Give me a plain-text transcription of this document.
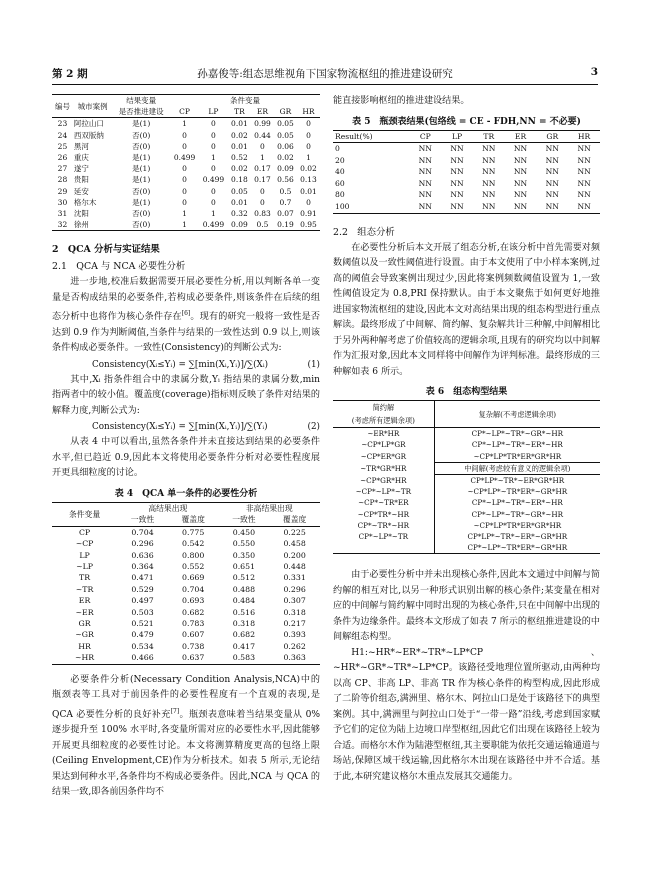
第 2 期	孙嘉俊等:组态思维视角下国家物流枢纽的推进建设研究	3
编号	城市案例	结果变量	条件变量					
		是否推进建设	CP	LP	TR	ER	GR	HR
23	阿拉山口	是(1)	1	0	0.01	0.99	0.05	0
24	西双版纳	否(0)	0	0	0.02	0.44	0.05	0
25	黑河	否(0)	0	0	0.01	0	0.06	0
26	重庆	是(1)	0.499	1	0.52	1	0.02	1
27	遂宁	是(1)	0	0	0.02	0.17	0.09	0.02
28	贵阳	是(1)	0	0.499	0.18	0.17	0.56	0.13
29	延安	否(0)	0	0	0.05	0	0.5	0.01
30	格尔木	是(1)	0	0	0.01	0	0.7	0
31	沈阳	否(0)	1	1	0.32	0.83	0.07	0.91
32	徐州	否(0)	1	0.499	0.09	0.5	0.19	0.95

2　QCA 分析与实证结果

2.1　QCA 与 NCA 必要性分析

进一步地,校准后数据需要开展必要性分析,用以判断各单一变量是否构成结果的必要条件,若构成必要条件,则该条件在后续的组态分析中也将作为核心条件存在[6]。现有的研究一般将一致性是否达到 0.9 作为判断阈值,当条件与结果的一致性达到 0.9 以上,则该条件构成必要条件。一致性(Consistency)的判断公式为:

Consistency(Xᵢ≤Yᵢ) = ∑[min(Xᵢ,Yᵢ)]∕∑(Xᵢ)	(1)

其中,Xᵢ 指条件组合中的隶属分数,Yᵢ 指结果的隶属分数,min 指两者中的较小值。覆盖度(coverage)指标则反映了条件对结果的解释力度,判断公式为:

Consistency(Xᵢ≤Yᵢ) = ∑[min(Xᵢ,Yᵢ)]∕∑(Yᵢ)	(2)

从表 4 中可以看出,虽然各条件并未直接达到结果的必要条件水平,但已趋近 0.9,因此本文将使用必要条件分析对必要性程度展开更具细粒度的讨论。

表 4　QCA 单一条件的必要性分析

条件变量	高结果出现		非高结果出现	
	一致性	覆盖度	一致性	覆盖度
CP	0.704	0.775	0.450	0.225
~CP	0.296	0.542	0.550	0.458
LP	0.636	0.800	0.350	0.200
~LP	0.364	0.552	0.651	0.448
TR	0.471	0.669	0.512	0.331
~TR	0.529	0.704	0.488	0.296
ER	0.497	0.693	0.484	0.307
~ER	0.503	0.682	0.516	0.318
GR	0.521	0.783	0.318	0.217
~GR	0.479	0.607	0.682	0.393
HR	0.534	0.738	0.417	0.262
~HR	0.466	0.637	0.583	0.363

必要条件分析(Necessary Condition Analysis,NCA)中的瓶颈表等工具对于前因条件的必要性程度有一个直观的表现,是 QCA 必要性分析的良好补充[7]。瓶颈表意味着当结果变量从 0% 逐步提升至 100% 水平时,各变量所需对应的必要性水平,因此能够开展更具细粒度的必要性讨论。本文将测算精度更高的包络上限(Ceiling Envelopment,CE)作为分析技术。如表 5 所示,无论结果达到何种水平,各条件均不构成必要条件。因此,NCA 与 QCA 的结果一致,即各前因条件均不

能直接影响枢纽的推进建设结果。

表 5　瓶颈表结果(包络线 = CE - FDH,NN = 不必要)

Result(%)	CP	LP	TR	ER	GR	HR
0	NN	NN	NN	NN	NN	NN
20	NN	NN	NN	NN	NN	NN
40	NN	NN	NN	NN	NN	NN
60	NN	NN	NN	NN	NN	NN
80	NN	NN	NN	NN	NN	NN
100	NN	NN	NN	NN	NN	NN

2.2　组态分析

在必要性分析后本文开展了组态分析,在该分析中首先需要对频数阈值以及一致性阈值进行设置。由于本文使用了中小样本案例,过高的阈值会导致案例出现过少,因此将案例频数阈值设置为 1,一致性阈值设定为 0.8,PRI 保持默认。由于本文聚焦于如何更好地推进国家物流枢纽的建设,因此本文对高结果出现的组态构型进行重点解读。最终形成了中间解、简约解、复杂解共计三种解,中间解相比于另外两种解考虑了价值较高的逻辑余项,且现有的研究均以中间解作为汇报对象,因此本文同样将中间解作为评判标准。最终形成的三种解如表 6 所示。

表 6　组态构型结果

简约解
(考虑所有逻辑余项)	复杂解(不考虑逻辑余项)
~ER*HR	CP*~LP*~TR*~GR*~HR
~CP*LP*GR	CP*~LP*~TR*~ER*~HR
~CP*ER*GR	~CP*LP*TR*ER*GR*HR
~TR*GR*HR	中间解(考虑较有意义的逻辑余项)
~CP*GR*HR	CP*LP*~TR*~ER*GR*HR
~CP*~LP*~TR	~CP*LP*~TR*ER*~GR*HR
~CP*~TR*ER	CP*~LP*~TR*~ER*~HR
~CP*TR*~HR	CP*~LP*~TR*~GR*~HR
CP*~TR*~HR	~CP*LP*TR*ER*GR*HR
CP*~LP*~TR	CP*LP*~TR*~ER*~GR*HR
	CP*~LP*~TR*ER*~GR*HR

由于必要性分析中并未出现核心条件,因此本文通过中间解与简约解的相互对比,以另一种形式识别出解的核心条件;某变量在相对应的中间解与简约解中同时出现的为核心条件,只在中间解中出现的条件为边缘条件。最终本文形成了如表 7 所示的枢纽推进建设的中间解组态构型。

H1:~HR*~ER*~TR*~LP*CP、~HR*~GR*~TR*~LP*CP。该路径受地理位置所驱动,由两种均以高 CP、非高 LP、非高 TR 作为核心条件的构型构成,因此形成了二阶等价组态,满洲里、格尔木、阿拉山口是处于该路径下的典型案例。其中,满洲里与阿拉山口处于“一带一路”沿线,考虑到国家赋予它们的定位为陆上边境口岸型枢纽,因此它们出现在该路径上较为合适。而格尔木作为陆港型枢纽,其主要职能为依托交通运输通道与场站,保障区域干线运输,因此格尔木出现在该路径中并不合适。基于此,本研究建议格尔木重点发展其交通能力。
